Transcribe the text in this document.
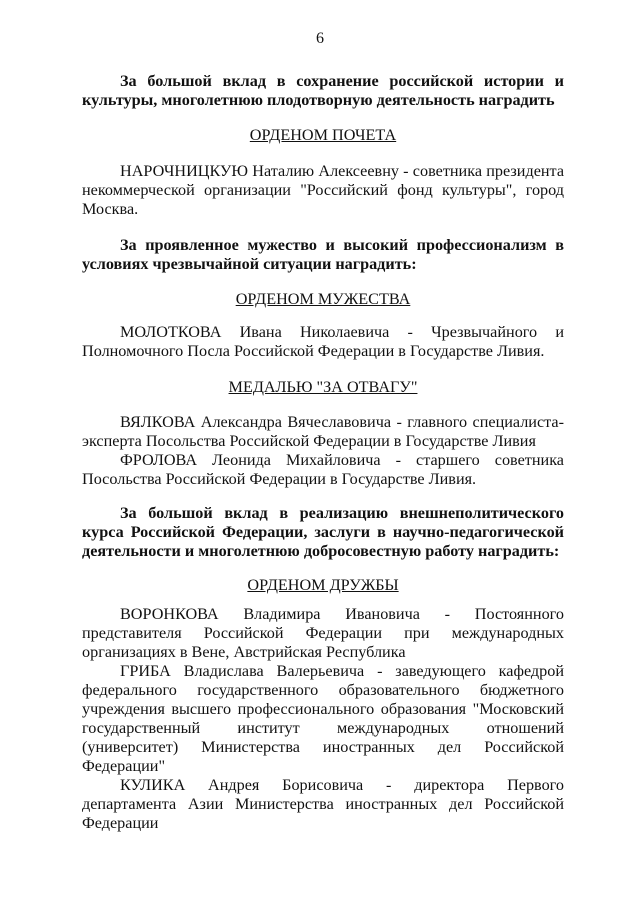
6

За большой вклад в сохранение российской истории и культуры, многолетнюю плодотворную деятельность наградить

ОРДЕНОМ ПОЧЕТА

НАРОЧНИЦКУЮ Наталию Алексеевну - советника президента некоммерческой организации "Российский фонд культуры", город Москва.

За проявленное мужество и высокий профессионализм в условиях чрезвычайной ситуации наградить:

ОРДЕНОМ МУЖЕСТВА

МОЛОТКОВА Ивана Николаевича - Чрезвычайного и Полномочного Посла Российской Федерации в Государстве Ливия.

МЕДАЛЬЮ "ЗА ОТВАГУ"

ВЯЛКОВА Александра Вячеславовича - главного специалиста-эксперта Посольства Российской Федерации в Государстве Ливия

ФРОЛОВА Леонида Михайловича - старшего советника Посольства Российской Федерации в Государстве Ливия.

За большой вклад в реализацию внешнеполитического курса Российской Федерации, заслуги в научно-педагогической деятельности и многолетнюю добросовестную работу наградить:

ОРДЕНОМ ДРУЖБЫ

ВОРОНКОВА Владимира Ивановича - Постоянного представителя Российской Федерации при международных организациях в Вене, Австрийская Республика

ГРИБА Владислава Валерьевича - заведующего кафедрой федерального государственного образовательного бюджетного учреждения высшего профессионального образования "Московский государственный институт международных отношений (университет) Министерства иностранных дел Российской Федерации"

КУЛИКА Андрея Борисовича - директора Первого департамента Азии Министерства иностранных дел Российской Федерации
